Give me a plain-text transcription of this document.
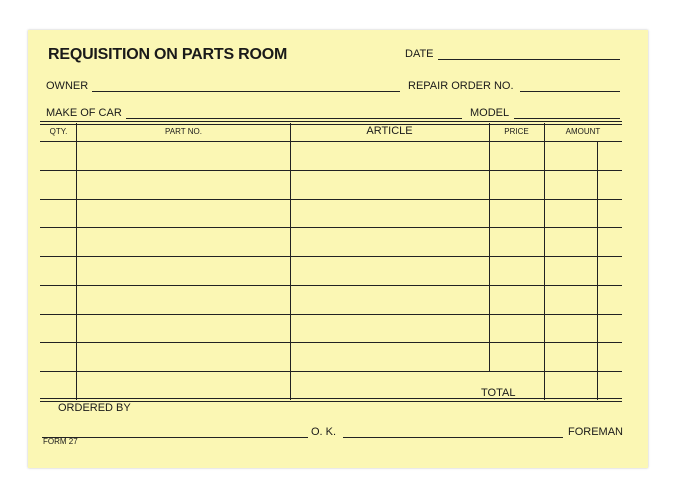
REQUISITION ON PARTS ROOM	DATE
OWNER	REPAIR ORDER NO.
MAKE OF CAR	MODEL
QTY.	PART NO.	ARTICLE	PRICE	AMOUNT
TOTAL
ORDERED BY
O. K.	FOREMAN
FORM 27
